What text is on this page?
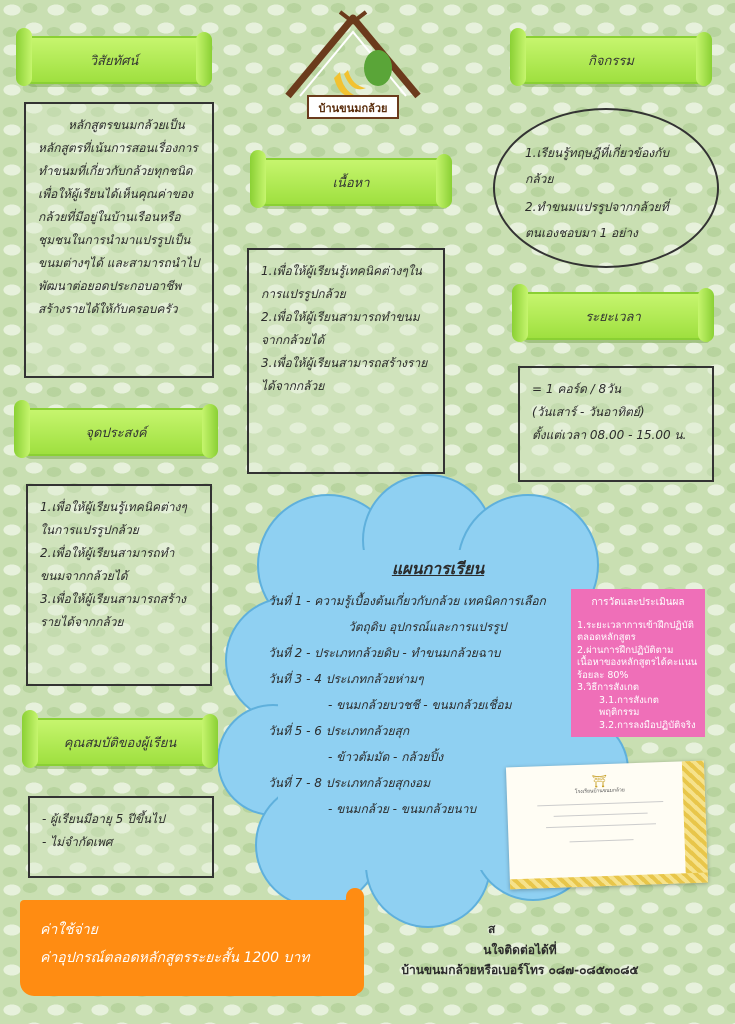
บ้านขนมกล้วย
วิสัยทัศน์

หลักสูตรขนมกล้วยเป็นหลักสูตรที่เน้นการสอนเรื่องการทำขนมที่เกี่ยวกับกล้วยทุกชนิด เพื่อให้ผู้เรียนได้เห็นคุณค่าของกล้วยที่มีอยู่ในบ้านเรือนหรือชุมชนในการนำมาแปรรูปเป็นขนมต่างๆได้ และสามารถนำไปพัฒนาต่อยอดประกอบอาชีพสร้างรายได้ให้กับครอบครัว

เนื้อหา

1.เพื่อให้ผู้เรียนรู้เทคนิคต่างๆในการแปรรูปกล้วย

2.เพื่อให้ผู้เรียนสามารถทำขนมจากกล้วยได้

3.เพื่อให้ผู้เรียนสามารถสร้างรายได้จากกล้วย

กิจกรรม

1.เรียนรู้ทฤษฎีที่เกี่ยวข้องกับกล้วย

2.ทำขนมแปรรูปจากกล้วยที่ตนเองชอบมา 1 อย่าง

ระยะเวลา

= 1 คอร์ด / 8วัน

(วันเสาร์ - วันอาทิตย์)

ตั้งแต่เวลา 08.00 - 15.00 น.

จุดประสงค์

1.เพื่อให้ผู้เรียนรู้เทคนิคต่างๆในการแปรรูปกล้วย

2.เพื่อให้ผู้เรียนสามารถทำขนมจากกล้วยได้

3.เพื่อให้ผู้เรียนสามารถสร้างรายได้จากกล้วย

คุณสมบัติของผู้เรียน

- ผู้เรียนมีอายุ 5 ปีขึ้นไป

- ไม่จำกัดเพศ

แผนการเรียน
วันที่ 1 - ความรู้เบื้องต้นเกี่ยวกับกล้วย เทคนิคการเลือก
วัตถุดิบ อุปกรณ์และการแปรรูป
วันที่ 2 - ประเภทกล้วยดิบ - ทำขนมกล้วยฉาบ
วันที่ 3 - 4 ประเภทกล้วยห่ามๆ
- ขนมกล้วยบวชชี - ขนมกล้วยเชื่อม
วันที่ 5 - 6 ประเภทกล้วยสุก
- ข้าวต้มมัด - กล้วยปิ้ง
วันที่ 7 - 8 ประเภทกล้วยสุกงอม
- ขนมกล้วย - ขนมกล้วยนาบ
การวัดและประเมินผล
1.ระยะเวลาการเข้าฝึกปฏิบัติตลอดหลักสูตร
2.ผ่านการฝึกปฏิบัติตามเนื้อหาของหลักสูตรได้คะแนนร้อยละ 80%
3.วิธีการสังเกต
3.1.การสังเกตพฤติกรรม
3.2.การลงมือปฏิบัติจริง
⛩
โรงเรียนบ้านขนมกล้วย
ค่าใช้จ่าย
ค่าอุปกรณ์ตลอดหลักสูตรระยะสั้น 1200 บาท
ส
นใจติดต่อได้ที่
บ้านขนมกล้วยหรือเบอร์โทร ๐๘๗-๐๘๕๓๐๘๕
